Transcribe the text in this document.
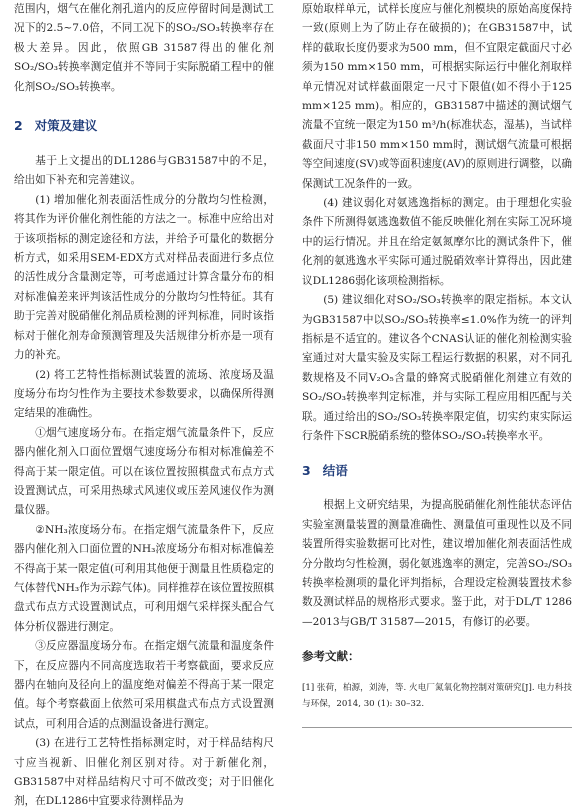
范围内，烟气在催化剂孔道内的反应停留时间是测试工况下的2.5~7.0倍，不同工况下的SO₂/SO₃转换率存在极大差异。因此，依照GB 31587得出的催化剂SO₂/SO₃转换率测定值并不等同于实际脱硝工程中的催化剂SO₂/SO₃转换率。

2 对策及建议

基于上文提出的DL1286与GB31587中的不足，给出如下补充和完善建议。

(1) 增加催化剂表面活性成分的分散均匀性检测，将其作为评价催化剂性能的方法之一。标准中应给出对于该项指标的测定途径和方法，并给予可量化的数据分析方式，如采用SEM-EDX方式对样品表面进行多点位的活性成分含量测定等，可考虑通过计算含量分布的相对标准偏差来评判该活性成分的分散均匀性特征。其有助于完善对脱硝催化剂品质检测的评判标准，同时该指标对于催化剂寿命预测管理及失活规律分析亦是一项有力的补充。

(2) 将工艺特性指标测试装置的流场、浓度场及温度场分布均匀性作为主要技术参数要求，以确保所得测定结果的准确性。

①烟气速度场分布。在指定烟气流量条件下，反应器内催化剂入口面位置烟气速度场分布相对标准偏差不得高于某一限定值。可以在该位置按照棋盘式布点方式设置测试点，可采用热球式风速仪或压差风速仪作为测量仪器。

②NH₃浓度场分布。在指定烟气流量条件下，反应器内催化剂入口面位置的NH₃浓度场分布相对标准偏差不得高于某一限定值(可利用其他便于测量且性质稳定的气体替代NH₃作为示踪气体)。同样推荐在该位置按照棋盘式布点方式设置测试点，可利用烟气采样探头配合气体分析仪器进行测定。

③反应器温度场分布。在指定烟气流量和温度条件下，在反应器内不同高度选取若干考察截面，要求反应器内在轴向及径向上的温度绝对偏差不得高于某一限定值。每个考察截面上依然可采用棋盘式布点方式设置测试点，可利用合适的点测温设备进行测定。

(3) 在进行工艺特性指标测定时，对于样品结构尺寸应当视新、旧催化剂区别对待。对于新催化剂，GB31587中对样品结构尺寸可不做改变；对于旧催化剂，在DL1286中宜要求待测样品为

原始取样单元，试样长度应与催化剂模块的原始高度保持一致(原则上为了防止存在破损的)；在GB31587中，试样的截取长度仍要求为500 mm，但不宜限定截面尺寸必须为150 mm×150 mm，可根据实际运行中催化剂取样单元情况对试样截面限定一尺寸下限值(如不得小于125 mm×125 mm)。相应的，GB31587中描述的测试烟气流量不宜统一限定为150 m³/h(标准状态，湿基)，当试样截面尺寸非150 mm×150 mm时，测试烟气流量可根据等空间速度(SV)或等面积速度(AV)的原则进行调整，以确保测试工况条件的一致。

(4) 建议弱化对氨逃逸指标的测定。由于理想化实验条件下所测得氨逃逸数值不能反映催化剂在实际工况环境中的运行情况。并且在给定氨氮摩尔比的测试条件下，催化剂的氨逃逸水平实际可通过脱硝效率计算得出，因此建议DL1286弱化该项检测指标。

(5) 建议细化对SO₂/SO₃转换率的限定指标。本文认为GB31587中以SO₂/SO₃转换率≤1.0%作为统一的评判指标是不适宜的。建议各个CNAS认证的催化剂检测实验室通过对大量实验及实际工程运行数据的积累，对不同孔数规格及不同V₂O₅含量的蜂窝式脱硝催化剂建立有效的SO₂/SO₃转换率判定标准，并与实际工程应用相匹配与关联。通过给出的SO₂/SO₃转换率限定值，切实约束实际运行条件下SCR脱硝系统的整体SO₂/SO₃转换率水平。

3 结语

根据上文研究结果，为提高脱硝催化剂性能状态评估实验室测量装置的测量准确性、测量值可重现性以及不同装置所得实验数据可比对性，建议增加催化剂表面活性成分分散均匀性检测，弱化氨逃逸率的测定，完善SO₂/SO₃转换率检测项的量化评判指标，合理设定检测装置技术参数及测试样品的规格形式要求。鉴于此，对于DL/T 1286—2013与GB/T 31587—2015，有修订的必要。

参考文献：

[1] 张荷，柏源，刘涛，等. 火电厂氮氧化物控制对策研究[J]. 电力科技与环保，2014, 30 (1): 30–32.
